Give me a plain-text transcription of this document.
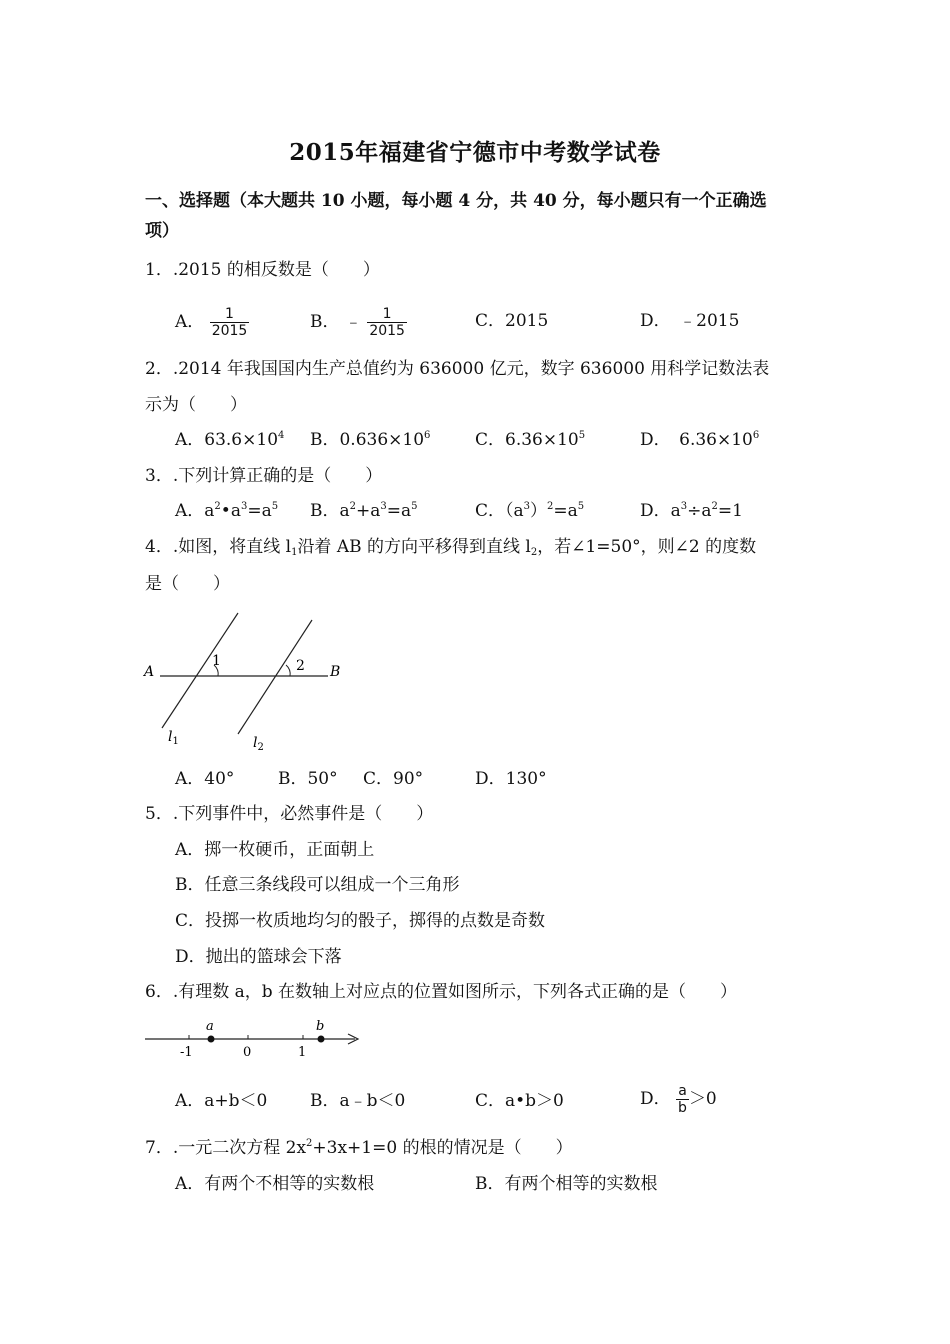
2015年福建省宁德市中考数学试卷
一、选择题（本大题共 10 小题，每小题 4 分，共 40 分，每小题只有一个正确选
项）
1．.2015 的相反数是（　　）
A． $\frac{1}{2015}$	B． ﹣ $\frac{1}{2015}$	C．2015	D．　﹣2015
2．.2014 年我国国内生产总值约为 636000 亿元，数字 636000 用科学记数法表
示为（　　）
A．$63.6\times 10^4$ B．$0.636\times 10^6$	C．$6.36\times 10^5$	D．　$6.36\times 10^6$
3．.下列计算正确的是（　　）
A．$a^2•a^3=a^5$ B．$a^2+a^3=a^5$	C．$(a^3)^2=a^5$	D．$a^3\div a^2=1$
4．.如图，将直线 $l_1$沿着 AB 的方向平移得到直线 $l_2$，若∠1=50°，则∠2 的度数
是（　　）
A	B
1	2
$l_1$	$l_2$
A．40°	B．50° C．90°	D．130°
5．.下列事件中，必然事件是（　　）
A．掷一枚硬币，正面朝上
B．任意三条线段可以组成一个三角形
C．投掷一枚质地均匀的骰子，掷得的点数是奇数
D．抛出的篮球会下落
6．.有理数 a，b 在数轴上对应点的位置如图所示，下列各式正确的是（　　）
a	b
-1	0	1
A．a+b＜0	B．a﹣b＜0	C．a•b＞0	D． $\frac{a}{b} >0$
7．.一元二次方程 $2x^2+3x+1=0$ 的根的情况是（　　）
A．有两个不相等的实数根	B．有两个相等的实数根
